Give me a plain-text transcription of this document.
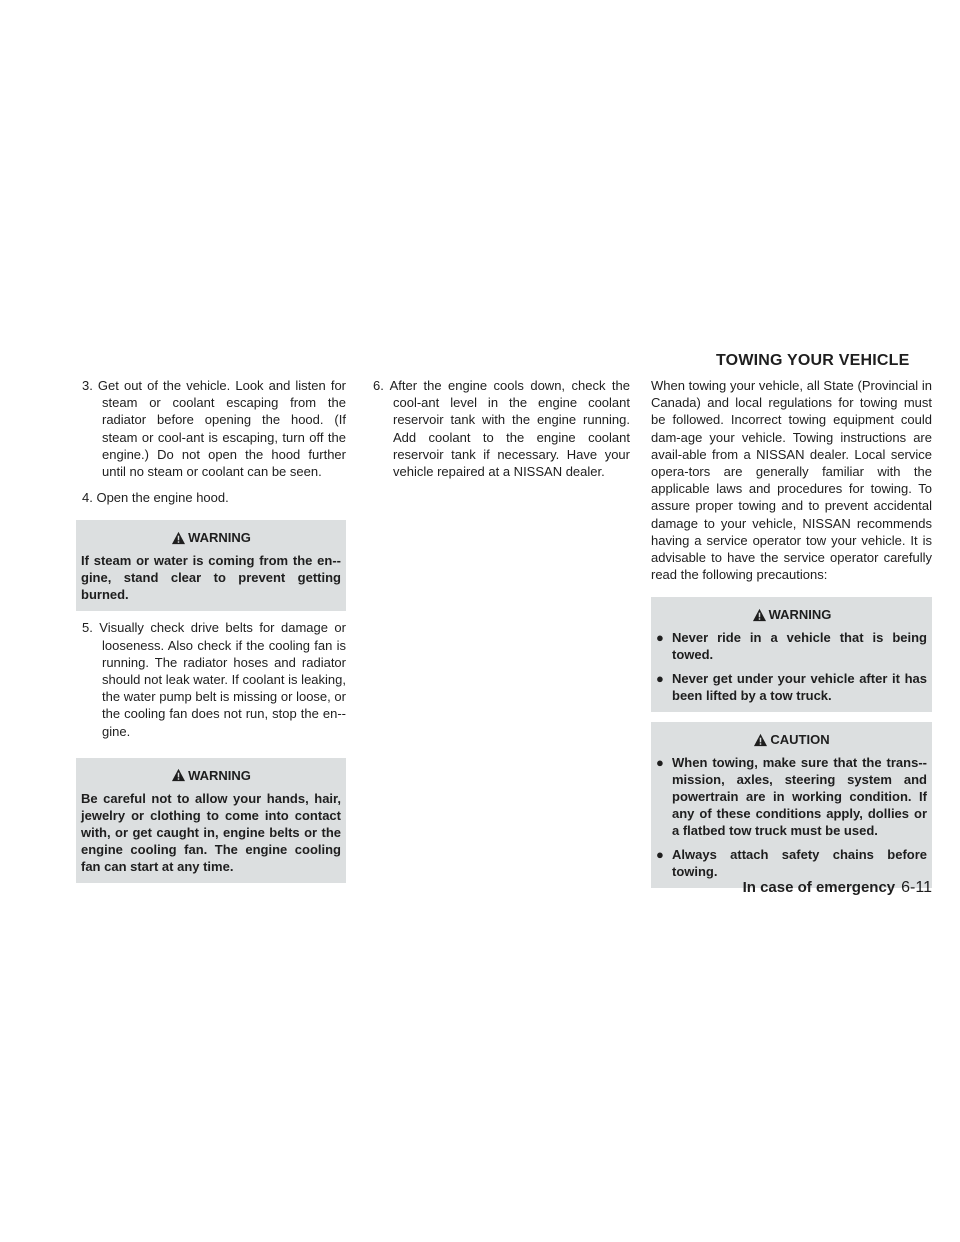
TOWING YOUR VEHICLE

3. Get out of the vehicle. Look and listen for steam or coolant escaping from the radiator before opening the hood. (If steam or cool-ant is escaping, turn off the engine.) Do not open the hood further until no steam or coolant can be seen.

4. Open the engine hood.

WARNING

If steam or water is coming from the en-gine, stand clear to prevent getting burned.

5. Visually check drive belts for damage or looseness. Also check if the cooling fan is running. The radiator hoses and radiator should not leak water. If coolant is leaking, the water pump belt is missing or loose, or the cooling fan does not run, stop the en-gine.

WARNING

Be careful not to allow your hands, hair, jewelry or clothing to come into contact with, or get caught in, engine belts or the engine cooling fan. The engine cooling fan can start at any time.

6. After the engine cools down, check the cool-ant level in the engine coolant reservoir tank with the engine running. Add coolant to the engine coolant reservoir tank if necessary. Have your vehicle repaired at a NISSAN dealer.

When towing your vehicle, all State (Provincial in Canada) and local regulations for towing must be followed. Incorrect towing equipment could dam-age your vehicle. Towing instructions are avail-able from a NISSAN dealer. Local service opera-tors are generally familiar with the applicable laws and procedures for towing. To assure proper towing and to prevent accidental damage to your vehicle, NISSAN recommends having a service operator tow your vehicle. It is advisable to have the service operator carefully read the following precautions:

WARNING
● Never ride in a vehicle that is being towed.
● Never get under your vehicle after it has been lifted by a tow truck.
CAUTION
● When towing, make sure that the trans-mission, axles, steering system and powertrain are in working condition. If any of these conditions apply, dollies or a flatbed tow truck must be used.
● Always attach safety chains before towing.
In case of emergency 6-11
